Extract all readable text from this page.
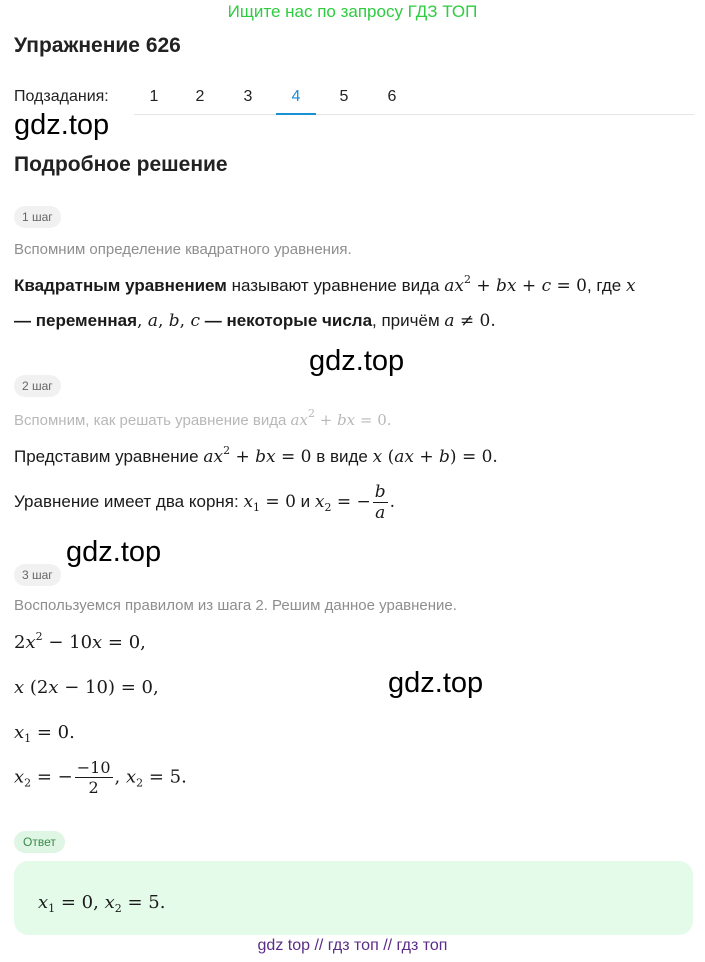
Ищите нас по запросу ГДЗ ТОП
Упражнение 626
Подзадания:	1	2	3	4	5	6
gdz.top
Подробное решение
1 шаг
Вспомним определение квадратного уравнения.
Квадратным уравнением называют уравнение вида $ax^2$ + bx + c = 0, где x
— переменная, a, b, c — некоторые числа, причём a ≠ 0.
gdz.top
2 шаг
Вспомним, как решать уравнение вида $ax^2$ + bx = 0.
Представим уравнение $ax^2$ + bx = 0 в виде x (ax + b) = 0.
Уравнение имеет два корня: $x_1 = 0$ и $x_2$ = − $\frac{b}{a}$ .
gdz.top
3 шаг
Воспользуемся правилом из шага 2. Решим данное уравнение.
$2x^2 - 10x = 0$,
x (2x − 10) = 0,	gdz.top
$x_1 = 0$.
$x_2$ = − $\frac{-10}{2}$ , $x_2 = 5$.
Ответ
$x_1 = 0$, $x_2 = 5$.
gdz top // гдз топ // гдз топ
